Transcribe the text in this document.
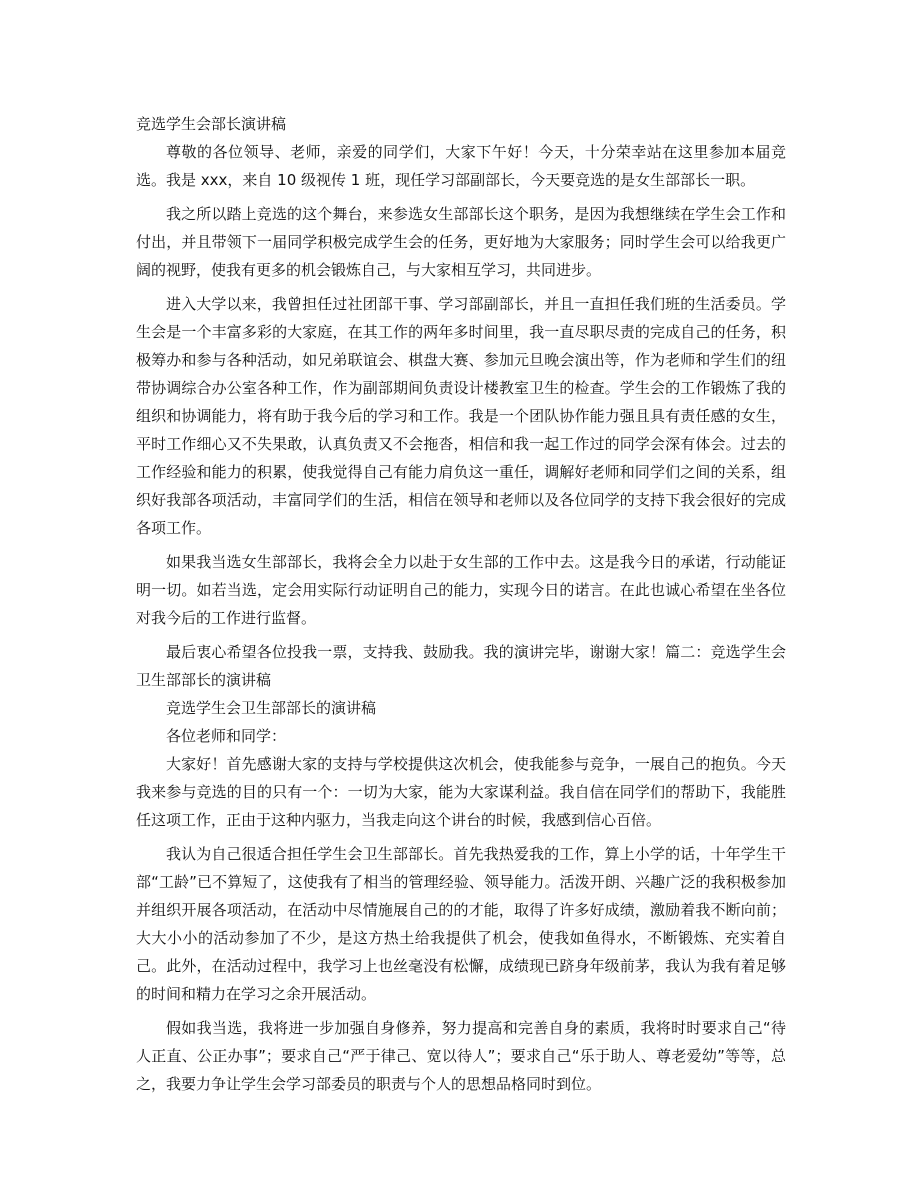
竞选学生会部长演讲稿

尊敬的各位领导、老师，亲爱的同学们，大家下午好！今天，十分荣幸站在这里参加本届竞选。我是 xxx，来自 10 级视传 1 班，现任学习部副部长，今天要竞选的是女生部部长一职。

我之所以踏上竞选的这个舞台，来参选女生部部长这个职务，是因为我想继续在学生会工作和付出，并且带领下一届同学积极完成学生会的任务，更好地为大家服务；同时学生会可以给我更广阔的视野，使我有更多的机会锻炼自己，与大家相互学习，共同进步。

进入大学以来，我曾担任过社团部干事、学习部副部长，并且一直担任我们班的生活委员。学生会是一个丰富多彩的大家庭，在其工作的两年多时间里，我一直尽职尽责的完成自己的任务，积极筹办和参与各种活动，如兄弟联谊会、棋盘大赛、参加元旦晚会演出等，作为老师和学生们的纽带协调综合办公室各种工作，作为副部期间负责设计楼教室卫生的检查。学生会的工作锻炼了我的组织和协调能力，将有助于我今后的学习和工作。我是一个团队协作能力强且具有责任感的女生，平时工作细心又不失果敢，认真负责又不会拖沓，相信和我一起工作过的同学会深有体会。过去的工作经验和能力的积累，使我觉得自己有能力肩负这一重任，调解好老师和同学们之间的关系，组织好我部各项活动，丰富同学们的生活，相信在领导和老师以及各位同学的支持下我会很好的完成各项工作。

如果我当选女生部部长，我将会全力以赴于女生部的工作中去。这是我今日的承诺，行动能证明一切。如若当选，定会用实际行动证明自己的能力，实现今日的诺言。在此也诚心希望在坐各位对我今后的工作进行监督。

最后衷心希望各位投我一票，支持我、鼓励我。我的演讲完毕，谢谢大家！篇二：竞选学生会卫生部部长的演讲稿

竞选学生会卫生部部长的演讲稿

各位老师和同学：

大家好！首先感谢大家的支持与学校提供这次机会，使我能参与竞争，一展自己的抱负。今天我来参与竞选的目的只有一个：一切为大家，能为大家谋利益。我自信在同学们的帮助下，我能胜任这项工作，正由于这种内驱力，当我走向这个讲台的时候，我感到信心百倍。

我认为自己很适合担任学生会卫生部部长。首先我热爱我的工作，算上小学的话，十年学生干部“工龄”已不算短了，这使我有了相当的管理经验、领导能力。活泼开朗、兴趣广泛的我积极参加并组织开展各项活动，在活动中尽情施展自己的的才能，取得了许多好成绩，激励着我不断向前；大大小小的活动参加了不少，是这方热土给我提供了机会，使我如鱼得水，不断锻炼、充实着自己。此外，在活动过程中，我学习上也丝毫没有松懈，成绩现已跻身年级前茅，我认为我有着足够的时间和精力在学习之余开展活动。

假如我当选，我将进一步加强自身修养，努力提高和完善自身的素质，我将时时要求自己“待人正直、公正办事”；要求自己“严于律己、宽以待人”；要求自己“乐于助人、尊老爱幼”等等，总之，我要力争让学生会学习部委员的职责与个人的思想品格同时到位。
